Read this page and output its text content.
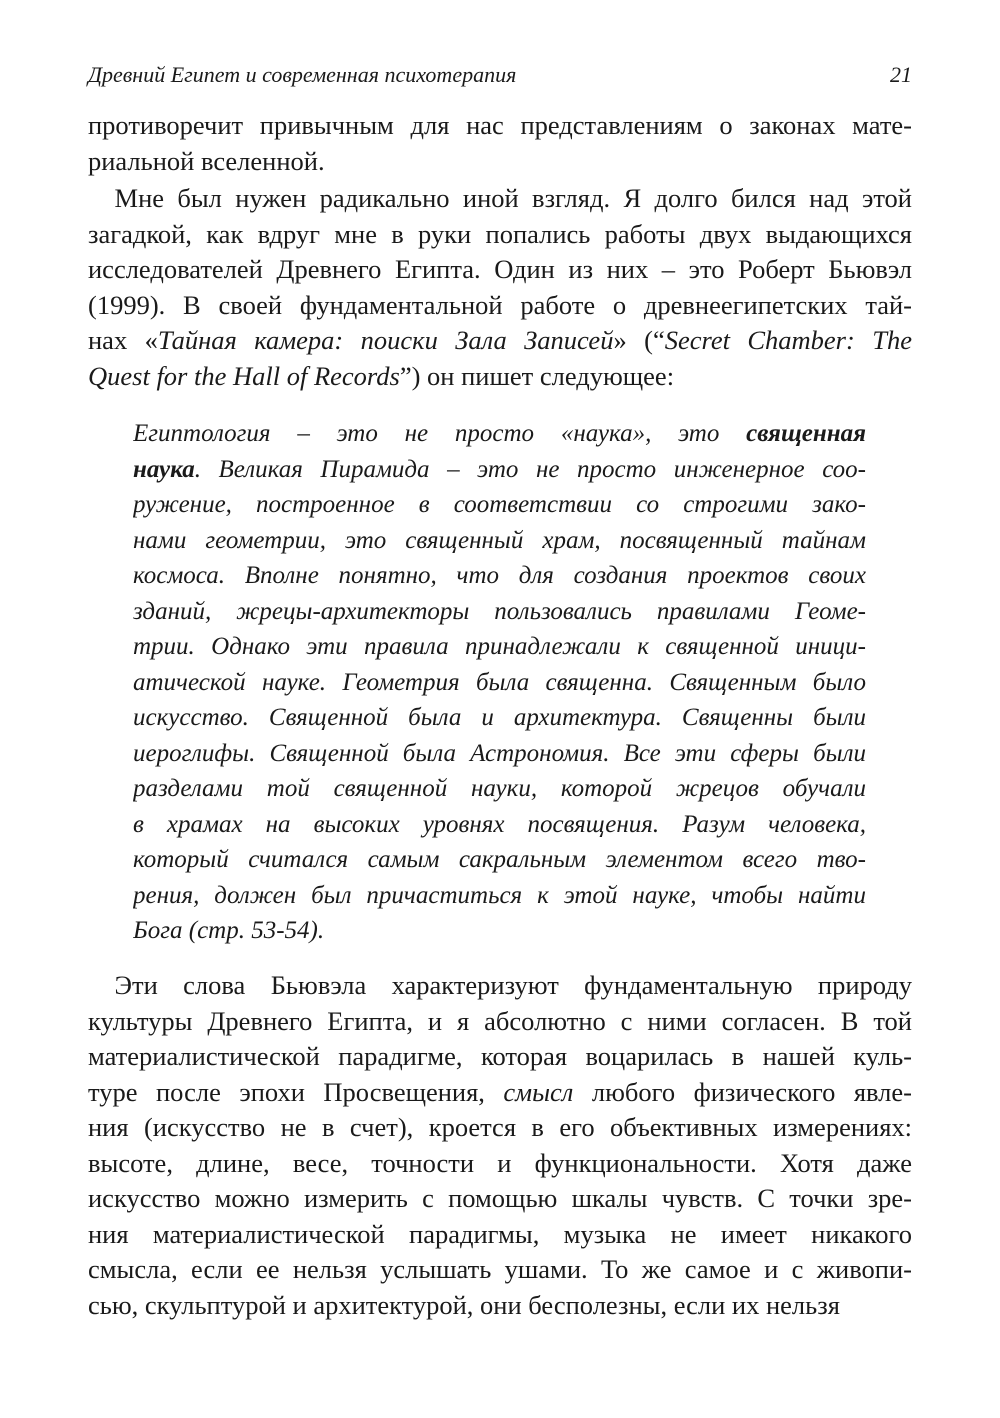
Древний Египет и современная психотерапия	21
противоречит привычным для нас представлениям о законах мате-
риальной вселенной.
 Мне был нужен радикально иной взгляд. Я долго бился над этой
загадкой, как вдруг мне в руки попались работы двух выдающихся
исследователей Древнего Египта. Один из них – это Роберт Бьювэл
(1999). В своей фундаментальной работе о древнеегипетских тай-
нах «Тайная камера: поиски Зала Записей» (“Secret Chamber: The
Quest for the Hall of Records”) он пишет следующее:
Египтология – это не просто «наука», это священная
наука. Великая Пирамида – это не просто инженерное соо-
ружение, построенное в соответствии со строгими зако-
нами геометрии, это священный храм, посвященный тайнам
космоса. Вполне понятно, что для создания проектов своих
зданий, жрецы-архитекторы пользовались правилами Геоме-
трии. Однако эти правила принадлежали к священной иници-
атической науке. Геометрия была священна. Священным было
искусство. Священной была и архитектура. Священны были
иероглифы. Священной была Астрономия. Все эти сферы были
разделами той священной науки, которой жрецов обучали
в храмах на высоких уровнях посвящения. Разум человека,
который считался самым сакральным элементом всего тво-
рения, должен был причаститься к этой науке, чтобы найти
Бога (стр. 53-54).
 Эти слова Бьювэла характеризуют фундаментальную природу
культуры Древнего Египта, и я абсолютно с ними согласен. В той
материалистической парадигме, которая воцарилась в нашей куль-
туре после эпохи Просвещения, смысл любого физического явле-
ния (искусство не в счет), кроется в его объективных измерениях:
высоте, длине, весе, точности и функциональности. Хотя даже
искусство можно измерить с помощью шкалы чувств. С точки зре-
ния материалистической парадигмы, музыка не имеет никакого
смысла, если ее нельзя услышать ушами. То же самое и с живопи-
сью, скульптурой и архитектурой, они бесполезны, если их нельзя
